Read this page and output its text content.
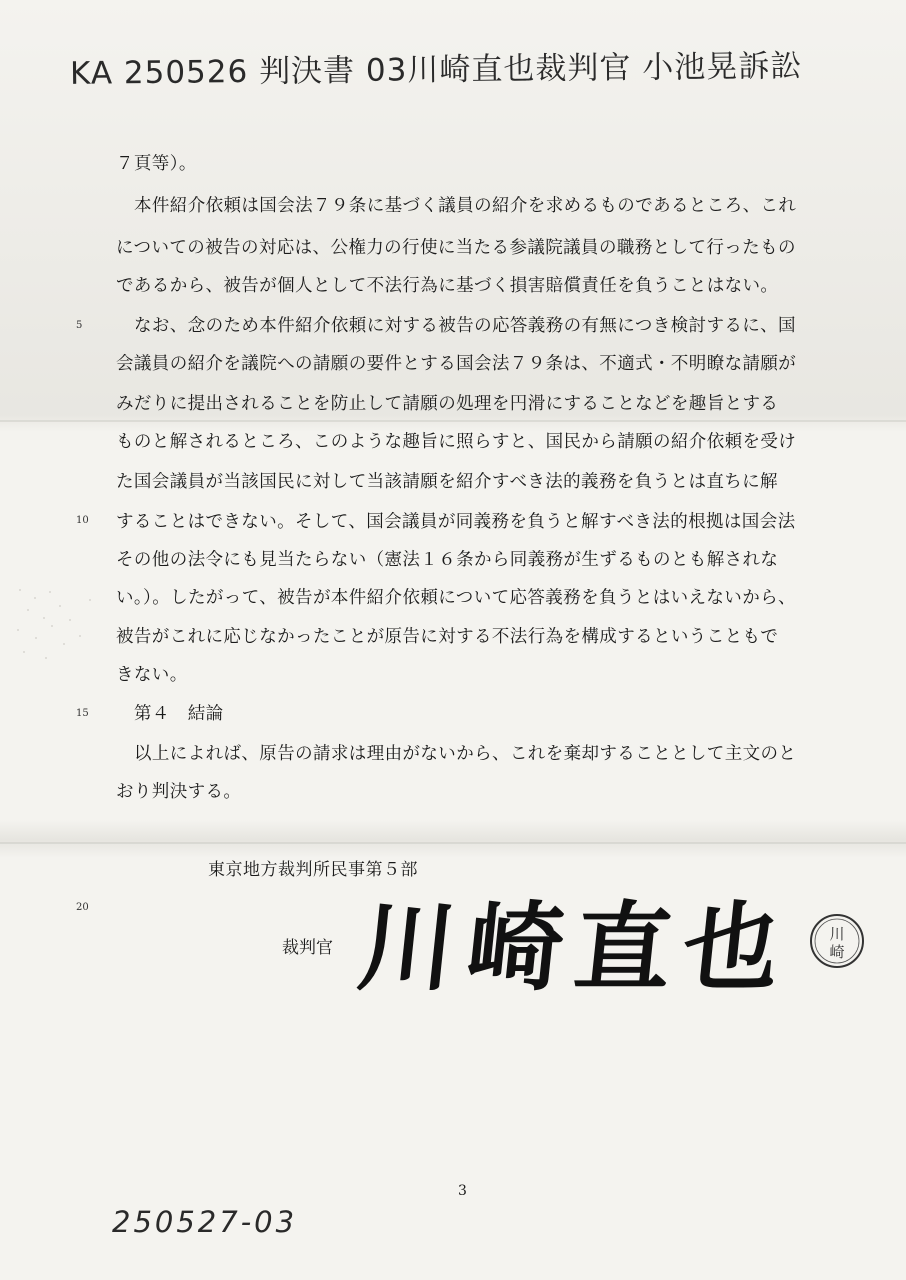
KA 250526 判決書 03川崎直也裁判官 小池晃訴訟
７頁等）。
本件紹介依頼は国会法７９条に基づく議員の紹介を求めるものであるところ、これ
についての被告の対応は、公権力の行使に当たる参議院議員の職務として行ったもの
であるから、被告が個人として不法行為に基づく損害賠償責任を負うことはない。
なお、念のため本件紹介依頼に対する被告の応答義務の有無につき検討するに、国
会議員の紹介を議院への請願の要件とする国会法７９条は、不適式・不明瞭な請願が
みだりに提出されることを防止して請願の処理を円滑にすることなどを趣旨とする
ものと解されるところ、このような趣旨に照らすと、国民から請願の紹介依頼を受け
た国会議員が当該国民に対して当該請願を紹介すべき法的義務を負うとは直ちに解
することはできない。そして、国会議員が同義務を負うと解すべき法的根拠は国会法
その他の法令にも見当たらない（憲法１６条から同義務が生ずるものとも解されな
い。）。したがって、被告が本件紹介依頼について応答義務を負うとはいえないから、
被告がこれに応じなかったことが原告に対する不法行為を構成するということもで
きない。
第４　結論
以上によれば、原告の請求は理由がないから、これを棄却することとして主文のと
おり判決する。
5
10
15
20
東京地方裁判所民事第５部
裁判官 川崎直也 川
崎
3
250527-03
